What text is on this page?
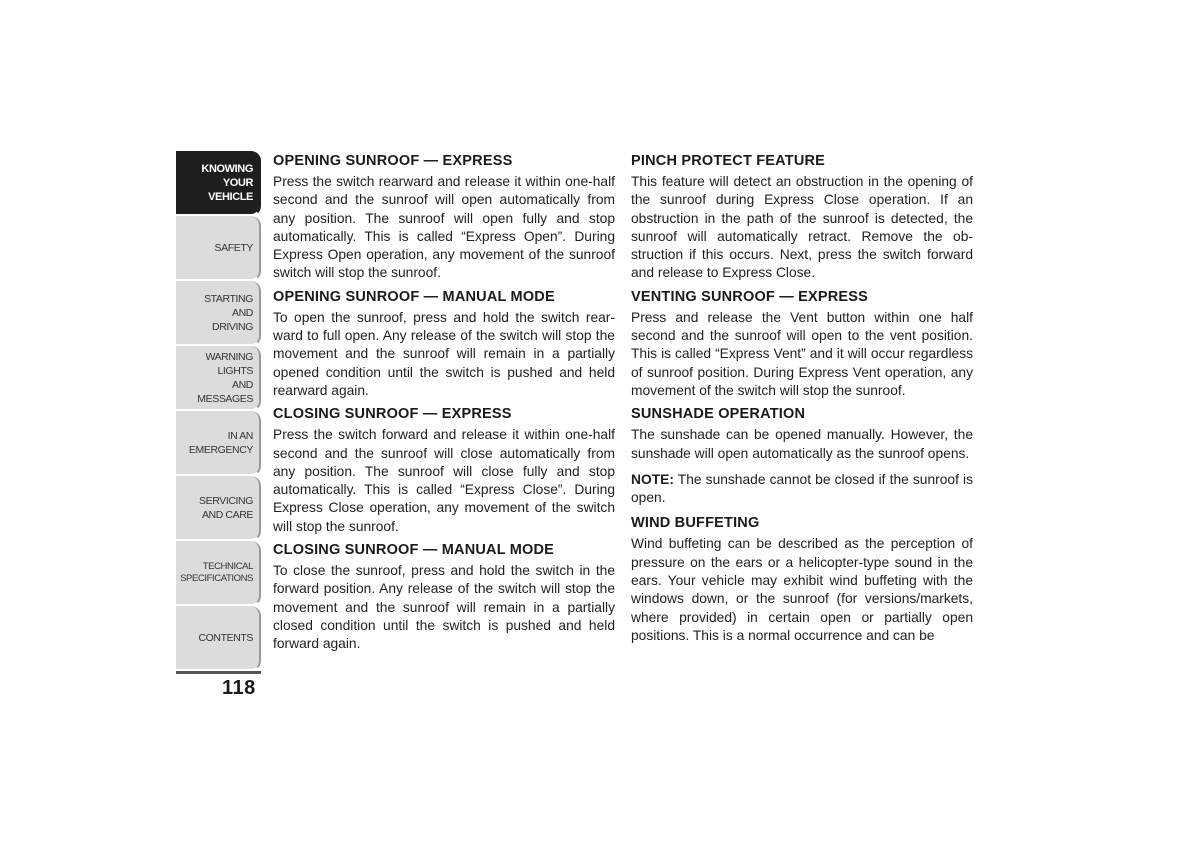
KNOWING
YOUR
VEHICLE
SAFETY
STARTING
AND
DRIVING
WARNING
LIGHTS
AND
MESSAGES
IN AN
EMERGENCY
SERVICING
AND CARE
TECHNICAL
SPECIFICATIONS
CONTENTS
118
OPENING SUNROOF — EXPRESS

Press the switch rearward and release it within one-half second and the sunroof will open automatically from any position. The sunroof will open fully and stop automatically. This is called “Express Open”. During Express Open operation, any movement of the sunroof switch will stop the sunroof.

OPENING SUNROOF — MANUAL MODE

To open the sunroof, press and hold the switch rear-ward to full open. Any release of the switch will stop the movement and the sunroof will remain in a partially opened condition until the switch is pushed and held rearward again.

CLOSING SUNROOF — EXPRESS

Press the switch forward and release it within one-half second and the sunroof will close automatically from any position. The sunroof will close fully and stop automatically. This is called “Express Close”. During Express Close operation, any movement of the switch will stop the sunroof.

CLOSING SUNROOF — MANUAL MODE

To close the sunroof, press and hold the switch in the forward position. Any release of the switch will stop the movement and the sunroof will remain in a partially closed condition until the switch is pushed and held forward again.

PINCH PROTECT FEATURE

This feature will detect an obstruction in the opening of the sunroof during Express Close operation. If an obstruction in the path of the sunroof is detected, the sunroof will automatically retract. Remove the ob-struction if this occurs. Next, press the switch forward and release to Express Close.

VENTING SUNROOF — EXPRESS

Press and release the Vent button within one half second and the sunroof will open to the vent position. This is called “Express Vent” and it will occur regardless of sunroof position. During Express Vent operation, any movement of the switch will stop the sunroof.

SUNSHADE OPERATION

The sunshade can be opened manually. However, the sunshade will open automatically as the sunroof opens.

NOTE: The sunshade cannot be closed if the sunroof is open.

WIND BUFFETING

Wind buffeting can be described as the perception of pressure on the ears or a helicopter-type sound in the ears. Your vehicle may exhibit wind buffeting with the windows down, or the sunroof (for versions/markets, where provided) in certain open or partially open positions. This is a normal occurrence and can be
